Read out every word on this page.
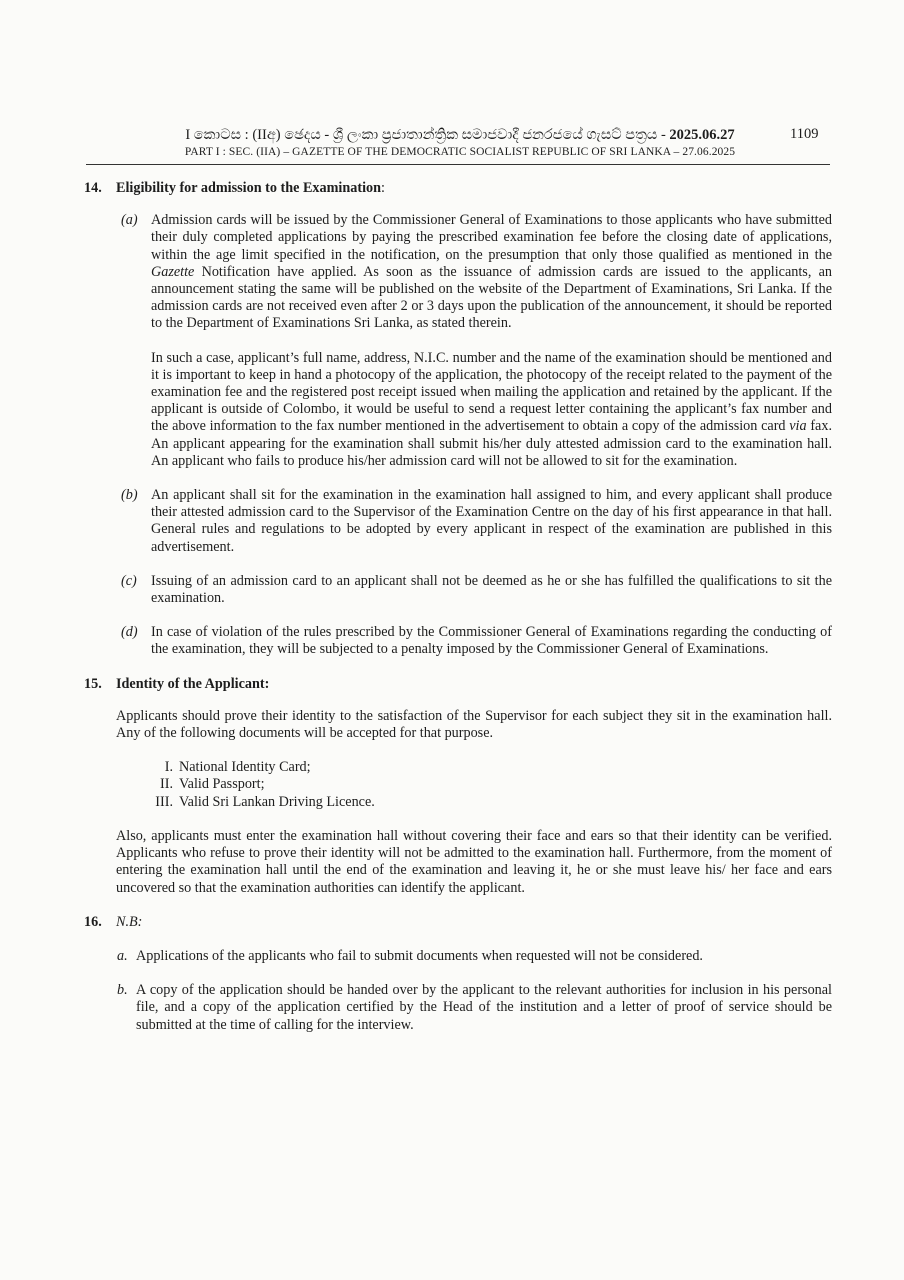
I කොටස : (IIඅ) ඡෙදය - ශ්‍රී ලංකා ප්‍රජාතාන්ත්‍රික සමාජවාදී ජනරජයේ ගැසට් පත්‍රය - 2025.06.27	1109
PART I : SEC. (IIA) – GAZETTE OF THE DEMOCRATIC SOCIALIST REPUBLIC OF SRI LANKA – 27.06.2025

14. Eligibility for admission to the Examination:

(a) Admission cards will be issued by the Commissioner General of Examinations to those applicants who have submitted their duly completed applications by paying the prescribed examination fee before the closing date of applications, within the age limit specified in the notification, on the presumption that only those qualified as mentioned in the Gazette Notification have applied. As soon as the issuance of admission cards are issued to the applicants, an announcement stating the same will be published on the website of the Department of Examinations, Sri Lanka. If the admission cards are not received even after 2 or 3 days upon the publication of the announcement, it should be reported to the Department of Examinations Sri Lanka, as stated therein.

In such a case, applicant’s full name, address, N.I.C. number and the name of the examination should be mentioned and it is important to keep in hand a photocopy of the application, the photocopy of the receipt related to the payment of the examination fee and the registered post receipt issued when mailing the application and retained by the applicant. If the applicant is outside of Colombo, it would be useful to send a request letter containing the applicant’s fax number and the above information to the fax number mentioned in the advertisement to obtain a copy of the admission card via fax. An applicant appearing for the examination shall submit his/her duly attested admission card to the examination hall. An applicant who fails to produce his/her admission card will not be allowed to sit for the examination.

(b) An applicant shall sit for the examination in the examination hall assigned to him, and every applicant shall produce their attested admission card to the Supervisor of the Examination Centre on the day of his first appearance in that hall. General rules and regulations to be adopted by every applicant in respect of the examination are published in this advertisement.

(c) Issuing of an admission card to an applicant shall not be deemed as he or she has fulfilled the qualifications to sit the examination.

(d) In case of violation of the rules prescribed by the Commissioner General of Examinations regarding the conducting of the examination, they will be subjected to a penalty imposed by the Commissioner General of Examinations.

15. Identity of the Applicant:

Applicants should prove their identity to the satisfaction of the Supervisor for each subject they sit in the examination hall. Any of the following documents will be accepted for that purpose.

I. National Identity Card;
II. Valid Passport;
III. Valid Sri Lankan Driving Licence.

Also, applicants must enter the examination hall without covering their face and ears so that their identity can be verified. Applicants who refuse to prove their identity will not be admitted to the examination hall. Furthermore, from the moment of entering the examination hall until the end of the examination and leaving it, he or she must leave his/ her face and ears uncovered so that the examination authorities can identify the applicant.

16. N.B:

a. Applications of the applicants who fail to submit documents when requested will not be considered.

b. A copy of the application should be handed over by the applicant to the relevant authorities for inclusion in his personal file, and a copy of the application certified by the Head of the institution and a letter of proof of service should be submitted at the time of calling for the interview.
